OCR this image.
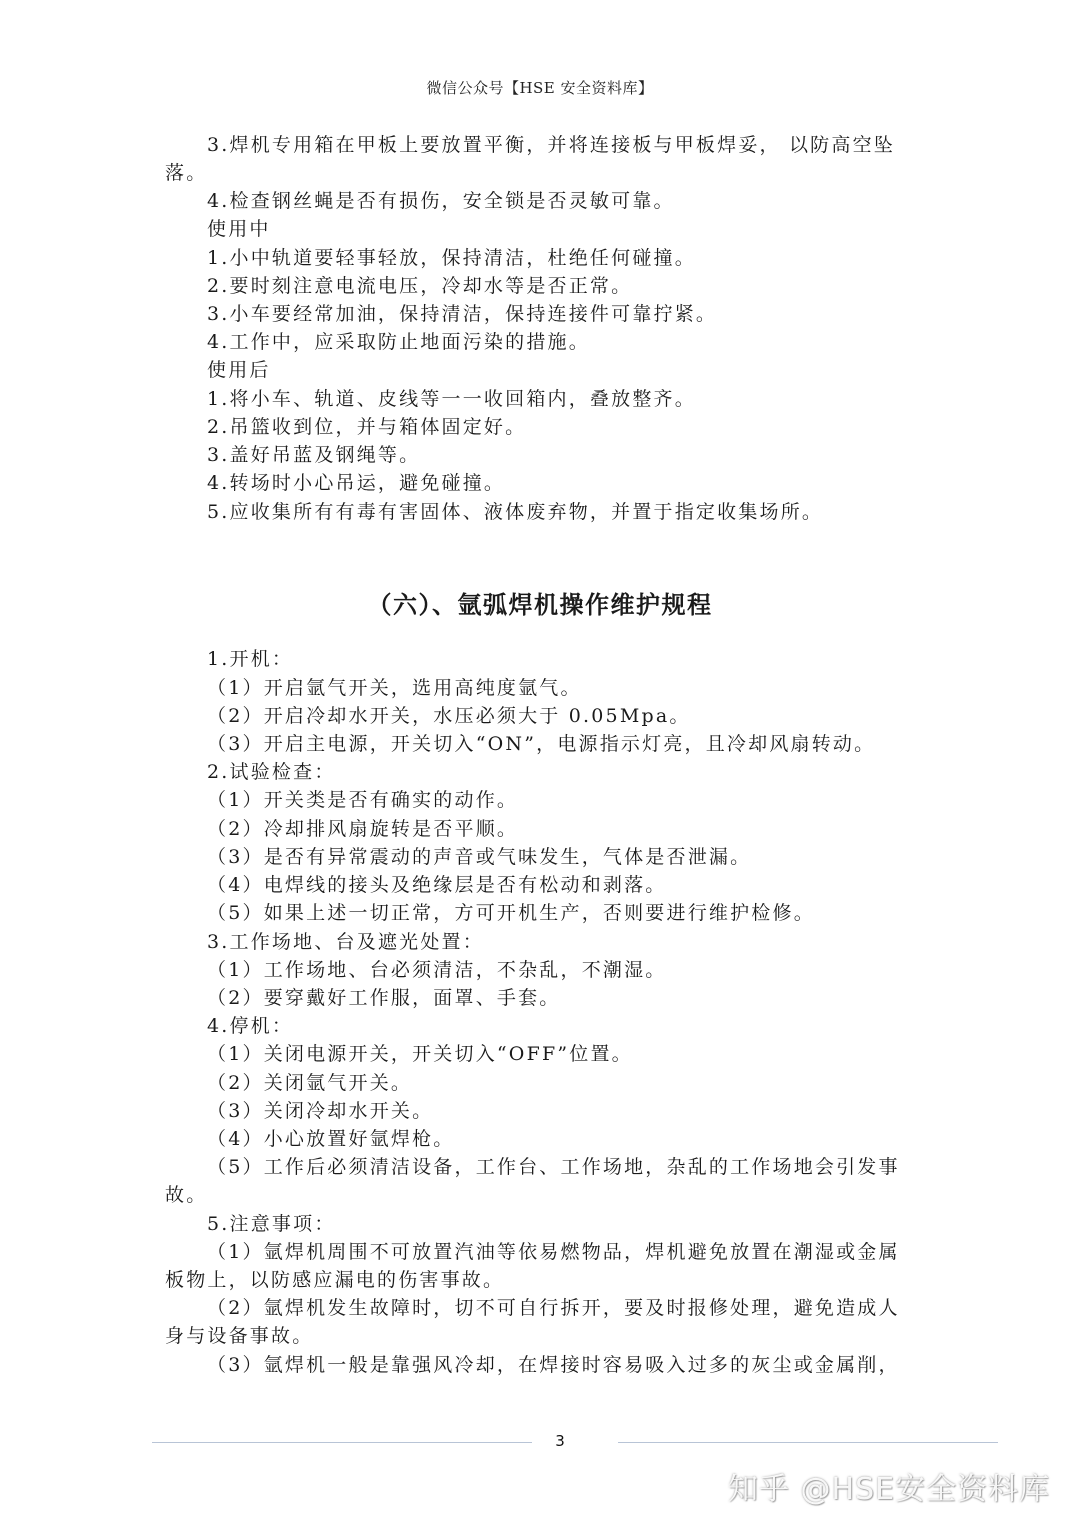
微信公众号【HSE 安全资料库】
3.焊机专用箱在甲板上要放置平衡，并将连接板与甲板焊妥， 以防高空坠
落。
4.检查钢丝蝇是否有损伤，安全锁是否灵敏可靠。
使用中
1.小中轨道要轻事轻放，保持清洁，杜绝任何碰撞。
2.要时刻注意电流电压，冷却水等是否正常。
3.小车要经常加油，保持清洁，保持连接件可靠拧紧。
4.工作中，应采取防止地面污染的措施。
使用后
1.将小车、轨道、皮线等一一收回箱内，叠放整齐。
2.吊篮收到位，并与箱体固定好。
3.盖好吊蓝及钢绳等。
4.转场时小心吊运，避免碰撞。
5.应收集所有有毒有害固体、液体废弃物，并置于指定收集场所。
（六）、氩弧焊机操作维护规程
1.开机：
（1）开启氩气开关，选用高纯度氩气。
（2）开启冷却水开关，水压必须大于 0.05Mpa。
（3）开启主电源，开关切入“ON”，电源指示灯亮，且冷却风扇转动。
2.试验检查：
（1）开关类是否有确实的动作。
（2）冷却排风扇旋转是否平顺。
（3）是否有异常震动的声音或气味发生，气体是否泄漏。
（4）电焊线的接头及绝缘层是否有松动和剥落。
（5）如果上述一切正常，方可开机生产，否则要进行维护检修。
3.工作场地、台及遮光处置：
（1）工作场地、台必须清洁，不杂乱，不潮湿。
（2）要穿戴好工作服，面罩、手套。
4.停机：
（1）关闭电源开关，开关切入“OFF”位置。
（2）关闭氩气开关。
（3）关闭冷却水开关。
（4）小心放置好氩焊枪。
（5）工作后必须清洁设备，工作台、工作场地，杂乱的工作场地会引发事
故。
5.注意事项：
（1）氩焊机周围不可放置汽油等依易燃物品，焊机避免放置在潮湿或金属
板物上，以防感应漏电的伤害事故。
（2）氩焊机发生故障时，切不可自行拆开，要及时报修处理，避免造成人
身与设备事故。
（3）氩焊机一般是靠强风冷却，在焊接时容易吸入过多的灰尘或金属削，
3
知乎 @HSE安全资料库
